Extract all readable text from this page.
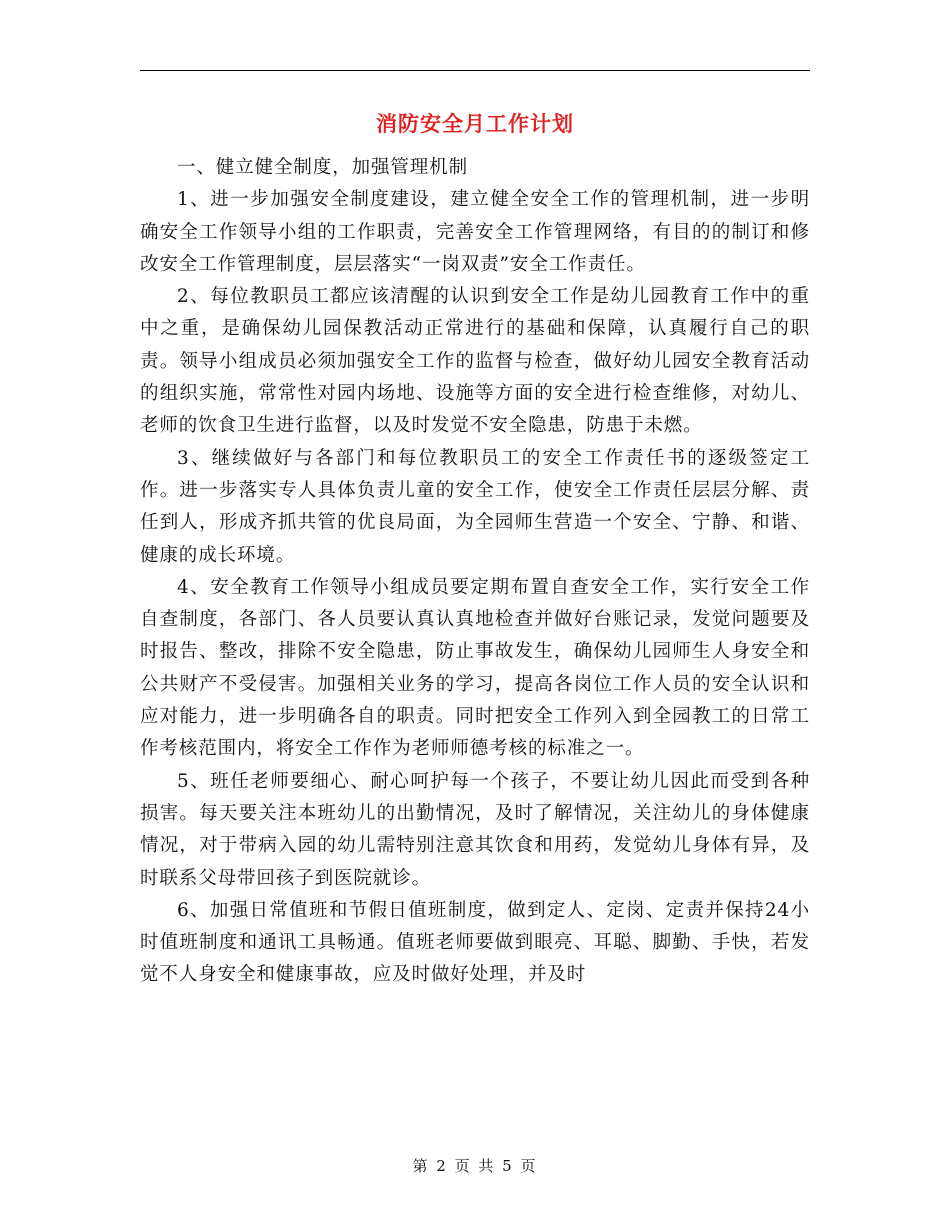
消防安全月工作计划

一、健立健全制度，加强管理机制

1、进一步加强安全制度建设，建立健全安全工作的管理机制，进一步明确安全工作领导小组的工作职责，完善安全工作管理网络，有目的的制订和修改安全工作管理制度，层层落实“一岗双责”安全工作责任。

2、每位教职员工都应该清醒的认识到安全工作是幼儿园教育工作中的重中之重，是确保幼儿园保教活动正常进行的基础和保障，认真履行自己的职责。领导小组成员必须加强安全工作的监督与检查，做好幼儿园安全教育活动的组织实施，常常性对园内场地、设施等方面的安全进行检查维修，对幼儿、老师的饮食卫生进行监督，以及时发觉不安全隐患，防患于未燃。

3、继续做好与各部门和每位教职员工的安全工作责任书的逐级签定工作。进一步落实专人具体负责儿童的安全工作，使安全工作责任层层分解、责任到人，形成齐抓共管的优良局面，为全园师生营造一个安全、宁静、和谐、健康的成长环境。

4、安全教育工作领导小组成员要定期布置自查安全工作，实行安全工作自查制度，各部门、各人员要认真认真地检查并做好台账记录，发觉问题要及时报告、整改，排除不安全隐患，防止事故发生，确保幼儿园师生人身安全和公共财产不受侵害。加强相关业务的学习，提高各岗位工作人员的安全认识和应对能力，进一步明确各自的职责。同时把安全工作列入到全园教工的日常工作考核范围内，将安全工作作为老师师德考核的标准之一。

5、班任老师要细心、耐心呵护每一个孩子，不要让幼儿因此而受到各种损害。每天要关注本班幼儿的出勤情况，及时了解情况，关注幼儿的身体健康情况，对于带病入园的幼儿需特别注意其饮食和用药，发觉幼儿身体有异，及时联系父母带回孩子到医院就诊。

6、加强日常值班和节假日值班制度，做到定人、定岗、定责并保持24小时值班制度和通讯工具畅通。值班老师要做到眼亮、耳聪、脚勤、手快，若发觉不人身安全和健康事故，应及时做好处理，并及时

第 2 页 共 5 页
